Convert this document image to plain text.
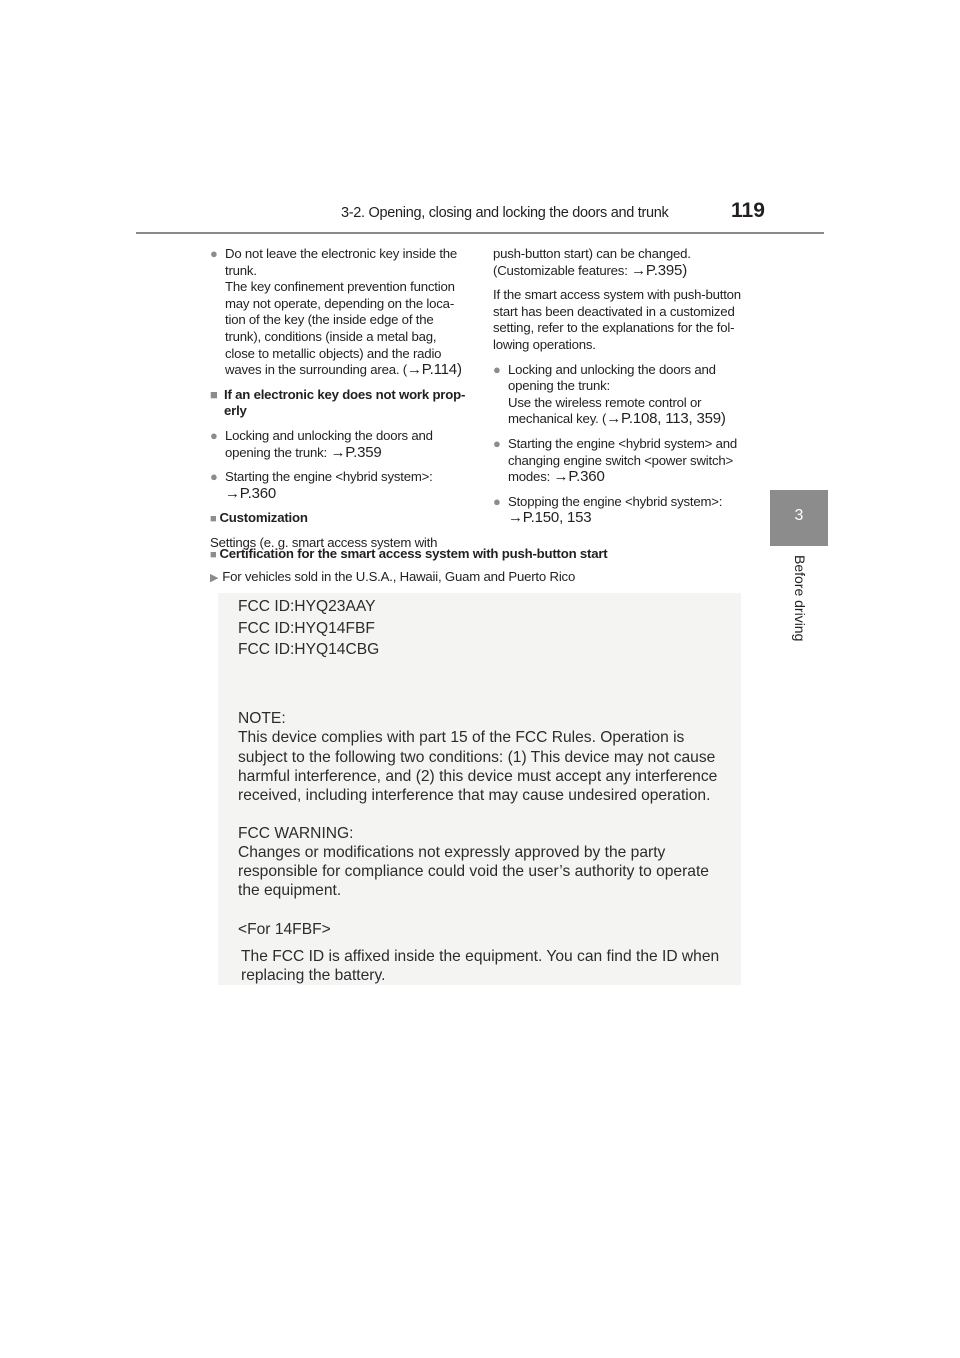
3-2. Opening, closing and locking the doors and trunk	119
3
Before driving

● Do not leave the electronic key inside the
trunk.
The key confinement prevention function
may not operate, depending on the loca-
tion of the key (the inside edge of the
trunk), conditions (inside a metal bag,
close to metallic objects) and the radio
waves in the surrounding area. (→P.114)

■ If an electronic key does not work prop-
erly

● Locking and unlocking the doors and
opening the trunk: →P.359

● Starting the engine <hybrid system>:
→P.360

■ Customization

Settings (e. g. smart access system with

push-button start) can be changed.
(Customizable features: →P.395)

If the smart access system with push-button
start has been deactivated in a customized
setting, refer to the explanations for the fol-
lowing operations.

● Locking and unlocking the doors and
opening the trunk:
Use the wireless remote control or
mechanical key. (→P.108, 113, 359)

● Starting the engine <hybrid system> and
changing engine switch <power switch>
modes: →P.360

● Stopping the engine <hybrid system>:
→P.150, 153

■ Certification for the smart access system with push-button start
▶ For vehicles sold in the U.S.A., Hawaii, Guam and Puerto Rico
FCC ID:HYQ23AAY
FCC ID:HYQ14FBF
FCC ID:HYQ14CBG
NOTE:
This device complies with part 15 of the FCC Rules. Operation is
subject to the following two conditions: (1) This device may not cause
harmful interference, and (2) this device must accept any interference
received, including interference that may cause undesired operation.
FCC WARNING:
Changes or modifications not expressly approved by the party
responsible for compliance could void the user’s authority to operate
the equipment.
<For 14FBF>
The FCC ID is affixed inside the equipment. You can find the ID when
replacing the battery.
